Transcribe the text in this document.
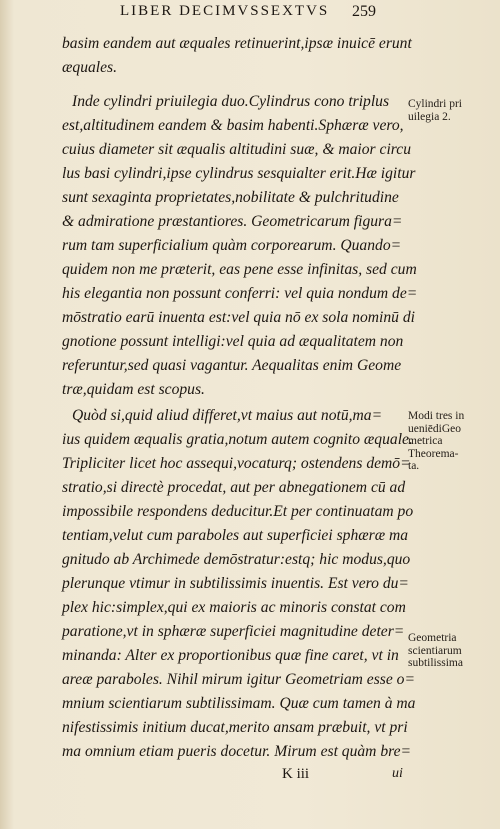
LIBER DECIMVSSEXTVS 259
basim eandem aut æquales retinuerint,ipsæ inuicē erunt
æquales.
Inde cylindri priuilegia duo.Cylindrus cono triplus
est,altitudinem eandem & basim habenti.Sphæræ vero,
cuius diameter sit æqualis altitudini suæ, & maior circu
lus basi cylindri,ipse cylindrus sesquialter erit.Hæ igitur
sunt sexaginta proprietates,nobilitate & pulchritudine
& admiratione præstantiores. Geometricarum figura=
rum tam superficialium quàm corporearum. Quando=
quidem non me præterit, eas pene esse infinitas, sed cum
his elegantia non possunt conferri: vel quia nondum de=
mōstratio earū inuenta est:vel quia nō ex sola nominū di
gnotione possunt intelligi:vel quia ad æqualitatem non
referuntur,sed quasi vagantur. Aequalitas enim Geome
træ,quidam est scopus.
Quòd si,quid aliud differet,vt maius aut notū,ma=
ius quidem æqualis gratia,notum autem cognito æquale.
Tripliciter licet hoc assequi,vocaturq; ostendens demō=
stratio,si directè procedat, aut per abnegationem cū ad
impossibile respondens deducitur.Et per continuatam po
tentiam,velut cum paraboles aut superficiei sphæræ ma
gnitudo ab Archimede demōstratur:estq; hic modus,quo
plerunque vtimur in subtilissimis inuentis. Est vero du=
plex hic:simplex,qui ex maioris ac minoris constat com
paratione,vt in sphæræ superficiei magnitudine deter=
minanda: Alter ex proportionibus quæ fine caret, vt in
areæ paraboles. Nihil mirum igitur Geometriam esse o=
mnium scientiarum subtilissimam. Quæ cum tamen à ma
nifestissimis initium ducat,merito ansam præbuit, vt pri
ma omnium etiam pueris docetur. Mirum est quàm bre=
K iii	ui
Cylindri pri
uilegia 2.
Modi tres in
ueniēdiGeo
metrica
Theorema-
ta.
Geometria
scientiarum
subtilissima
